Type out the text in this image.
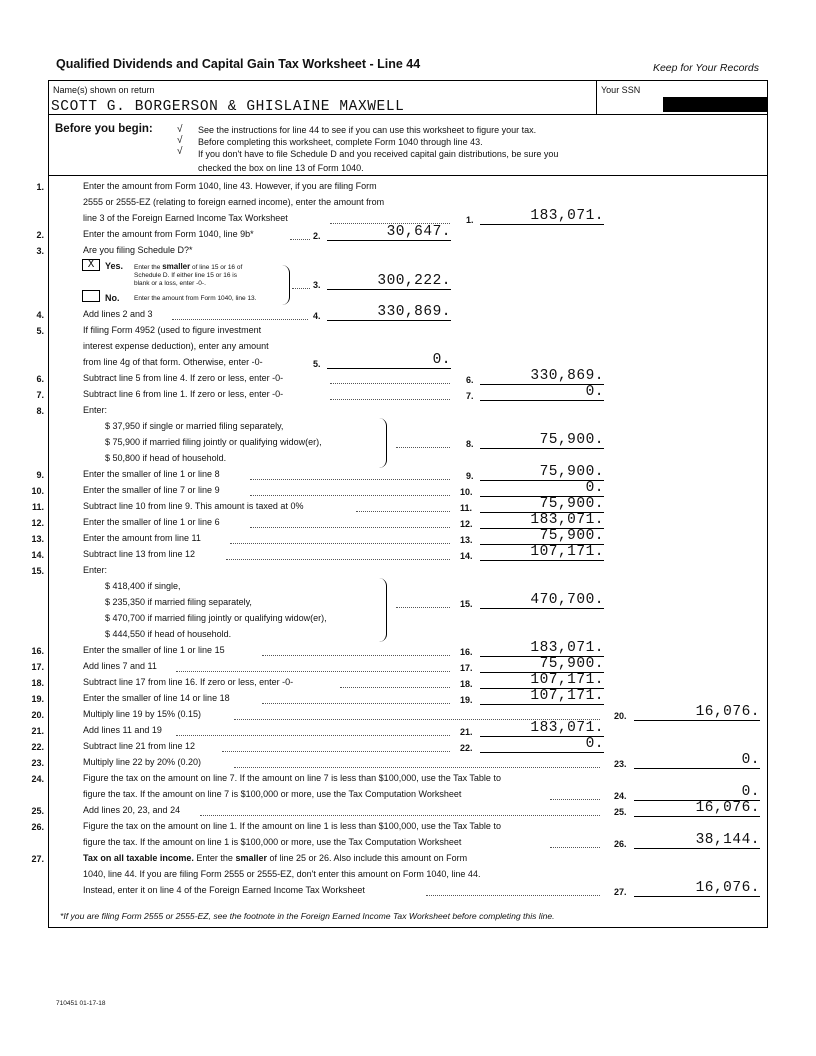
Qualified Dividends and Capital Gain Tax Worksheet - Line 44	Keep for Your Records
Name(s) shown on return	Your SSN
SCOTT G. BORGERSON & GHISLAINE MAXWELL
Before you begin: √
√
√
See the instructions for line 44 to see if you can use this worksheet to figure your tax.
Before completing this worksheet, complete Form 1040 through line 43.
If you don't have to file Schedule D and you received capital gain distributions, be sure you
checked the box on line 13 of Form 1040.
1.	Enter the amount from Form 1040, line 43. However, if you are filing Form
2555 or 2555-EZ (relating to foreign earned income), enter the amount from
line 3 of the Foreign Earned Income Tax Worksheet	1.	183,071.
2.	Enter the amount from Form 1040, line 9b*	2.	30,647.
3.	Are you filing Schedule D?*
X	Yes. Enter the smaller of line 15 or 16 of
Schedule D. If either line 15 or 16 is
blank or a loss, enter -0-.
No. Enter the amount from Form 1040, line 13.
3.	300,222.
4.	Add lines 2 and 3	4.	330,869.
5.	If filing Form 4952 (used to figure investment
interest expense deduction), enter any amount
from line 4g of that form. Otherwise, enter -0-	5.	0.
6.	Subtract line 5 from line 4. If zero or less, enter -0-	6.	330,869.
7.	Subtract line 6 from line 1. If zero or less, enter -0-	7.	0.
8.	Enter:
$ 37,950 if single or married filing separately,
$ 75,900 if married filing jointly or qualifying widow(er),
$ 50,800 if head of household.
8.	75,900.
9.	Enter the smaller of line 1 or line 8	9.	75,900.
10.	Enter the smaller of line 7 or line 9	10.	0.
11.	Subtract line 10 from line 9. This amount is taxed at 0%	11.	75,900.
12.	Enter the smaller of line 1 or line 6	12.	183,071.
13.	Enter the amount from line 11	13.	75,900.
14.	Subtract line 13 from line 12	14.	107,171.
15.	Enter:
$ 418,400 if single,
$ 235,350 if married filing separately,
$ 470,700 if married filing jointly or qualifying widow(er),
$ 444,550 if head of household.
15.	470,700.
16.	Enter the smaller of line 1 or line 15	16.	183,071.
17.	Add lines 7 and 11	17.	75,900.
18.	Subtract line 17 from line 16. If zero or less, enter -0-	18.	107,171.
19.	Enter the smaller of line 14 or line 18	19.	107,171.
20.	Multiply line 19 by 15% (0.15)	20.	16,076.
21.	Add lines 11 and 19	21.	183,071.
22.	Subtract line 21 from line 12	22.	0.
23.	Multiply line 22 by 20% (0.20)	23.	0.
24.	Figure the tax on the amount on line 7. If the amount on line 7 is less than $100,000, use the Tax Table to
figure the tax. If the amount on line 7 is $100,000 or more, use the Tax Computation Worksheet	24.	0.
25.	Add lines 20, 23, and 24	25.	16,076.
26.	Figure the tax on the amount on line 1. If the amount on line 1 is less than $100,000, use the Tax Table to
figure the tax. If the amount on line 1 is $100,000 or more, use the Tax Computation Worksheet	26.	38,144.
27.	Tax on all taxable income. Enter the smaller of line 25 or 26. Also include this amount on Form
1040, line 44. If you are filing Form 2555 or 2555-EZ, don't enter this amount on Form 1040, line 44.
Instead, enter it on line 4 of the Foreign Earned Income Tax Worksheet	27.	16,076.
*If you are filing Form 2555 or 2555-EZ, see the footnote in the Foreign Earned Income Tax Worksheet before completing this line.
710451 01-17-18
